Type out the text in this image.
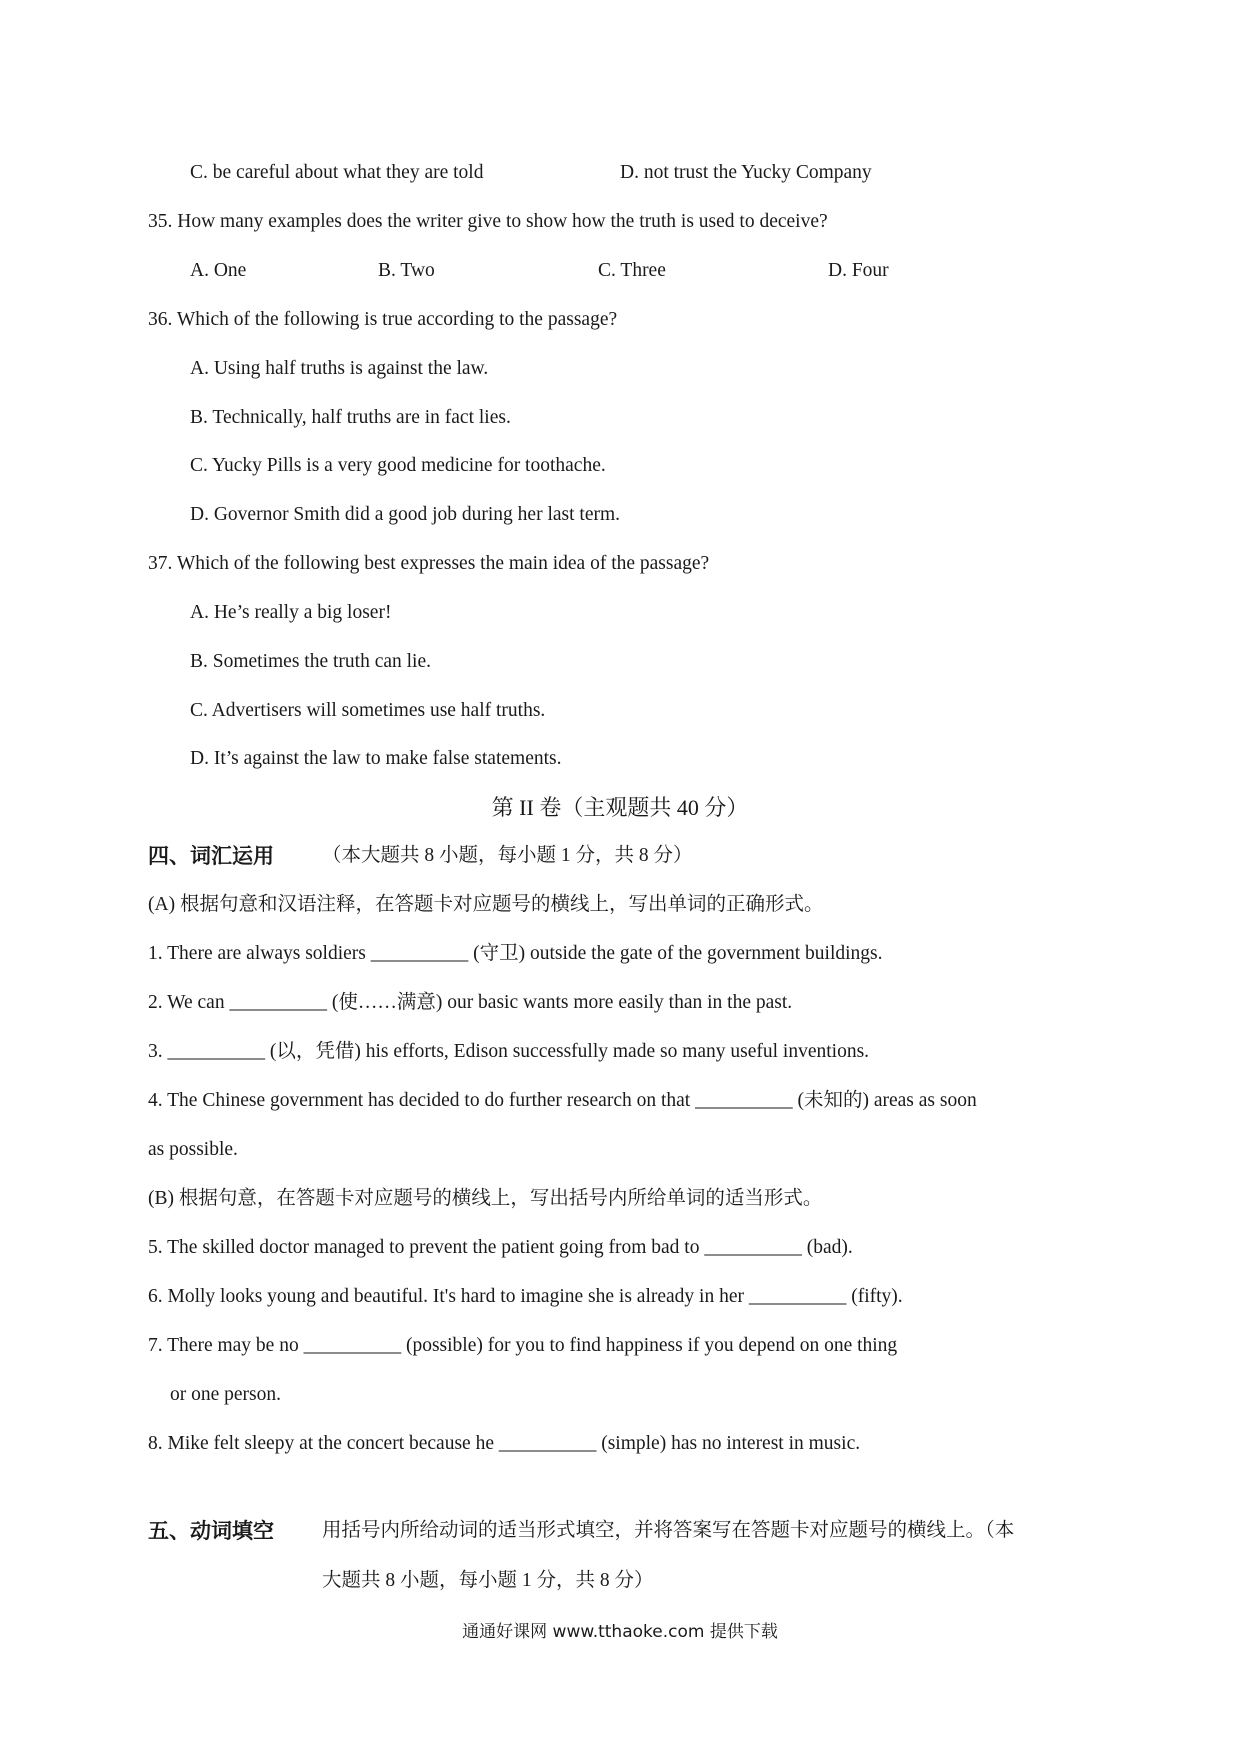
C. be careful about what they are told	D. not trust the Yucky Company
35. How many examples does the writer give to show how the truth is used to deceive?
A. One	B. Two	C. Three	D. Four
36. Which of the following is true according to the passage?
A. Using half truths is against the law.
B. Technically, half truths are in fact lies.
C. Yucky Pills is a very good medicine for toothache.
D. Governor Smith did a good job during her last term.
37. Which of the following best expresses the main idea of the passage?
A. He’s really a big loser!
B. Sometimes the truth can lie.
C. Advertisers will sometimes use half truths.
D. It’s against the law to make false statements.
第 II 卷（主观题共 40 分）
四、词汇运用 （本大题共 8 小题，每小题 1 分，共 8 分）
(A) 根据句意和汉语注释，在答题卡对应题号的横线上，写出单词的正确形式。
1. There are always soldiers __________ (守卫) outside the gate of the government buildings.
2. We can __________ (使……满意) our basic wants more easily than in the past.
3. __________ (以，凭借) his efforts, Edison successfully made so many useful inventions.
4. The Chinese government has decided to do further research on that __________ (未知的) areas as soon
as possible.
(B) 根据句意，在答题卡对应题号的横线上，写出括号内所给单词的适当形式。
5. The skilled doctor managed to prevent the patient going from bad to __________ (bad).
6. Molly looks young and beautiful. It's hard to imagine she is already in her __________ (fifty).
7. There may be no __________ (possible) for you to find happiness if you depend on one thing
or one person.
8. Mike felt sleepy at the concert because he __________ (simple) has no interest in music.
五、动词填空 用括号内所给动词的适当形式填空，并将答案写在答题卡对应题号的横线上。（本
大题共 8 小题，每小题 1 分，共 8 分）
通通好课网 www.tthaoke.com 提供下载
